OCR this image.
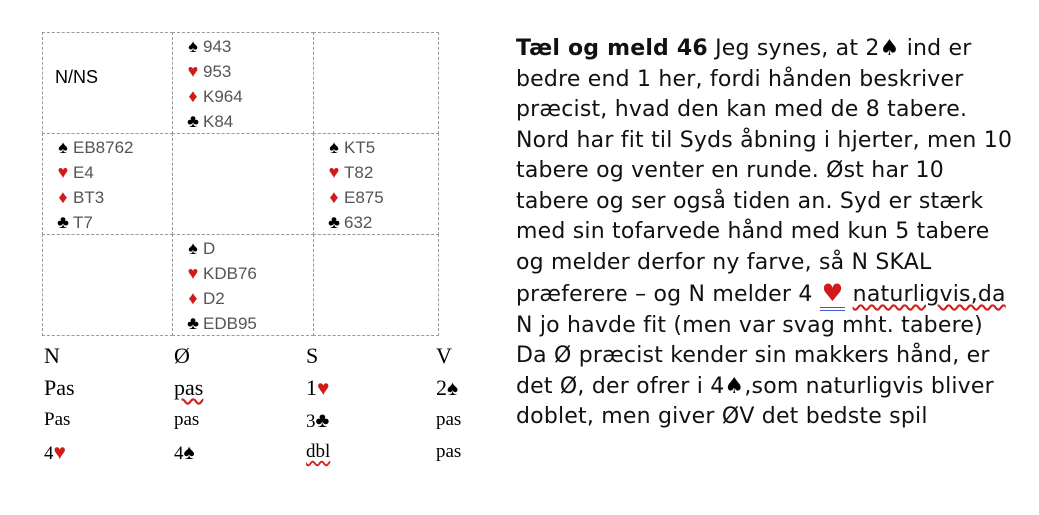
N/NS
♠ 943
♥ 953
♦ K964
♣ K84
♠ EB8762
♥ E4
♦ BT3
♣ T7
♠ KT5
♥ T82
♦ E875
♣ 632
♠ D
♥ KDB76
♦ D2
♣ EDB95
N	Ø	S	V
Pas	pas	1♥	2♠
Pas	pas	3♣	pas
4♥	4♠	dbl	pas
Tæl og meld 46 Jeg synes, at 2♠ ind er bedre end 1 her, fordi hånden beskriver præcist, hvad den kan med de 8 tabere. Nord har fit til Syds åbning i hjerter, men 10 tabere og venter en runde. Øst har 10 tabere og ser også tiden an. Syd er stærk med sin tofarvede hånd med kun 5 tabere og melder derfor ny farve, så N SKAL præferere – og N melder 4 ♥ naturligvis,da N jo havde fit (men var svag mht. tabere) Da Ø præcist kender sin makkers hånd, er det Ø, der ofrer i 4♠,som naturligvis bliver doblet, men giver ØV det bedste spil
